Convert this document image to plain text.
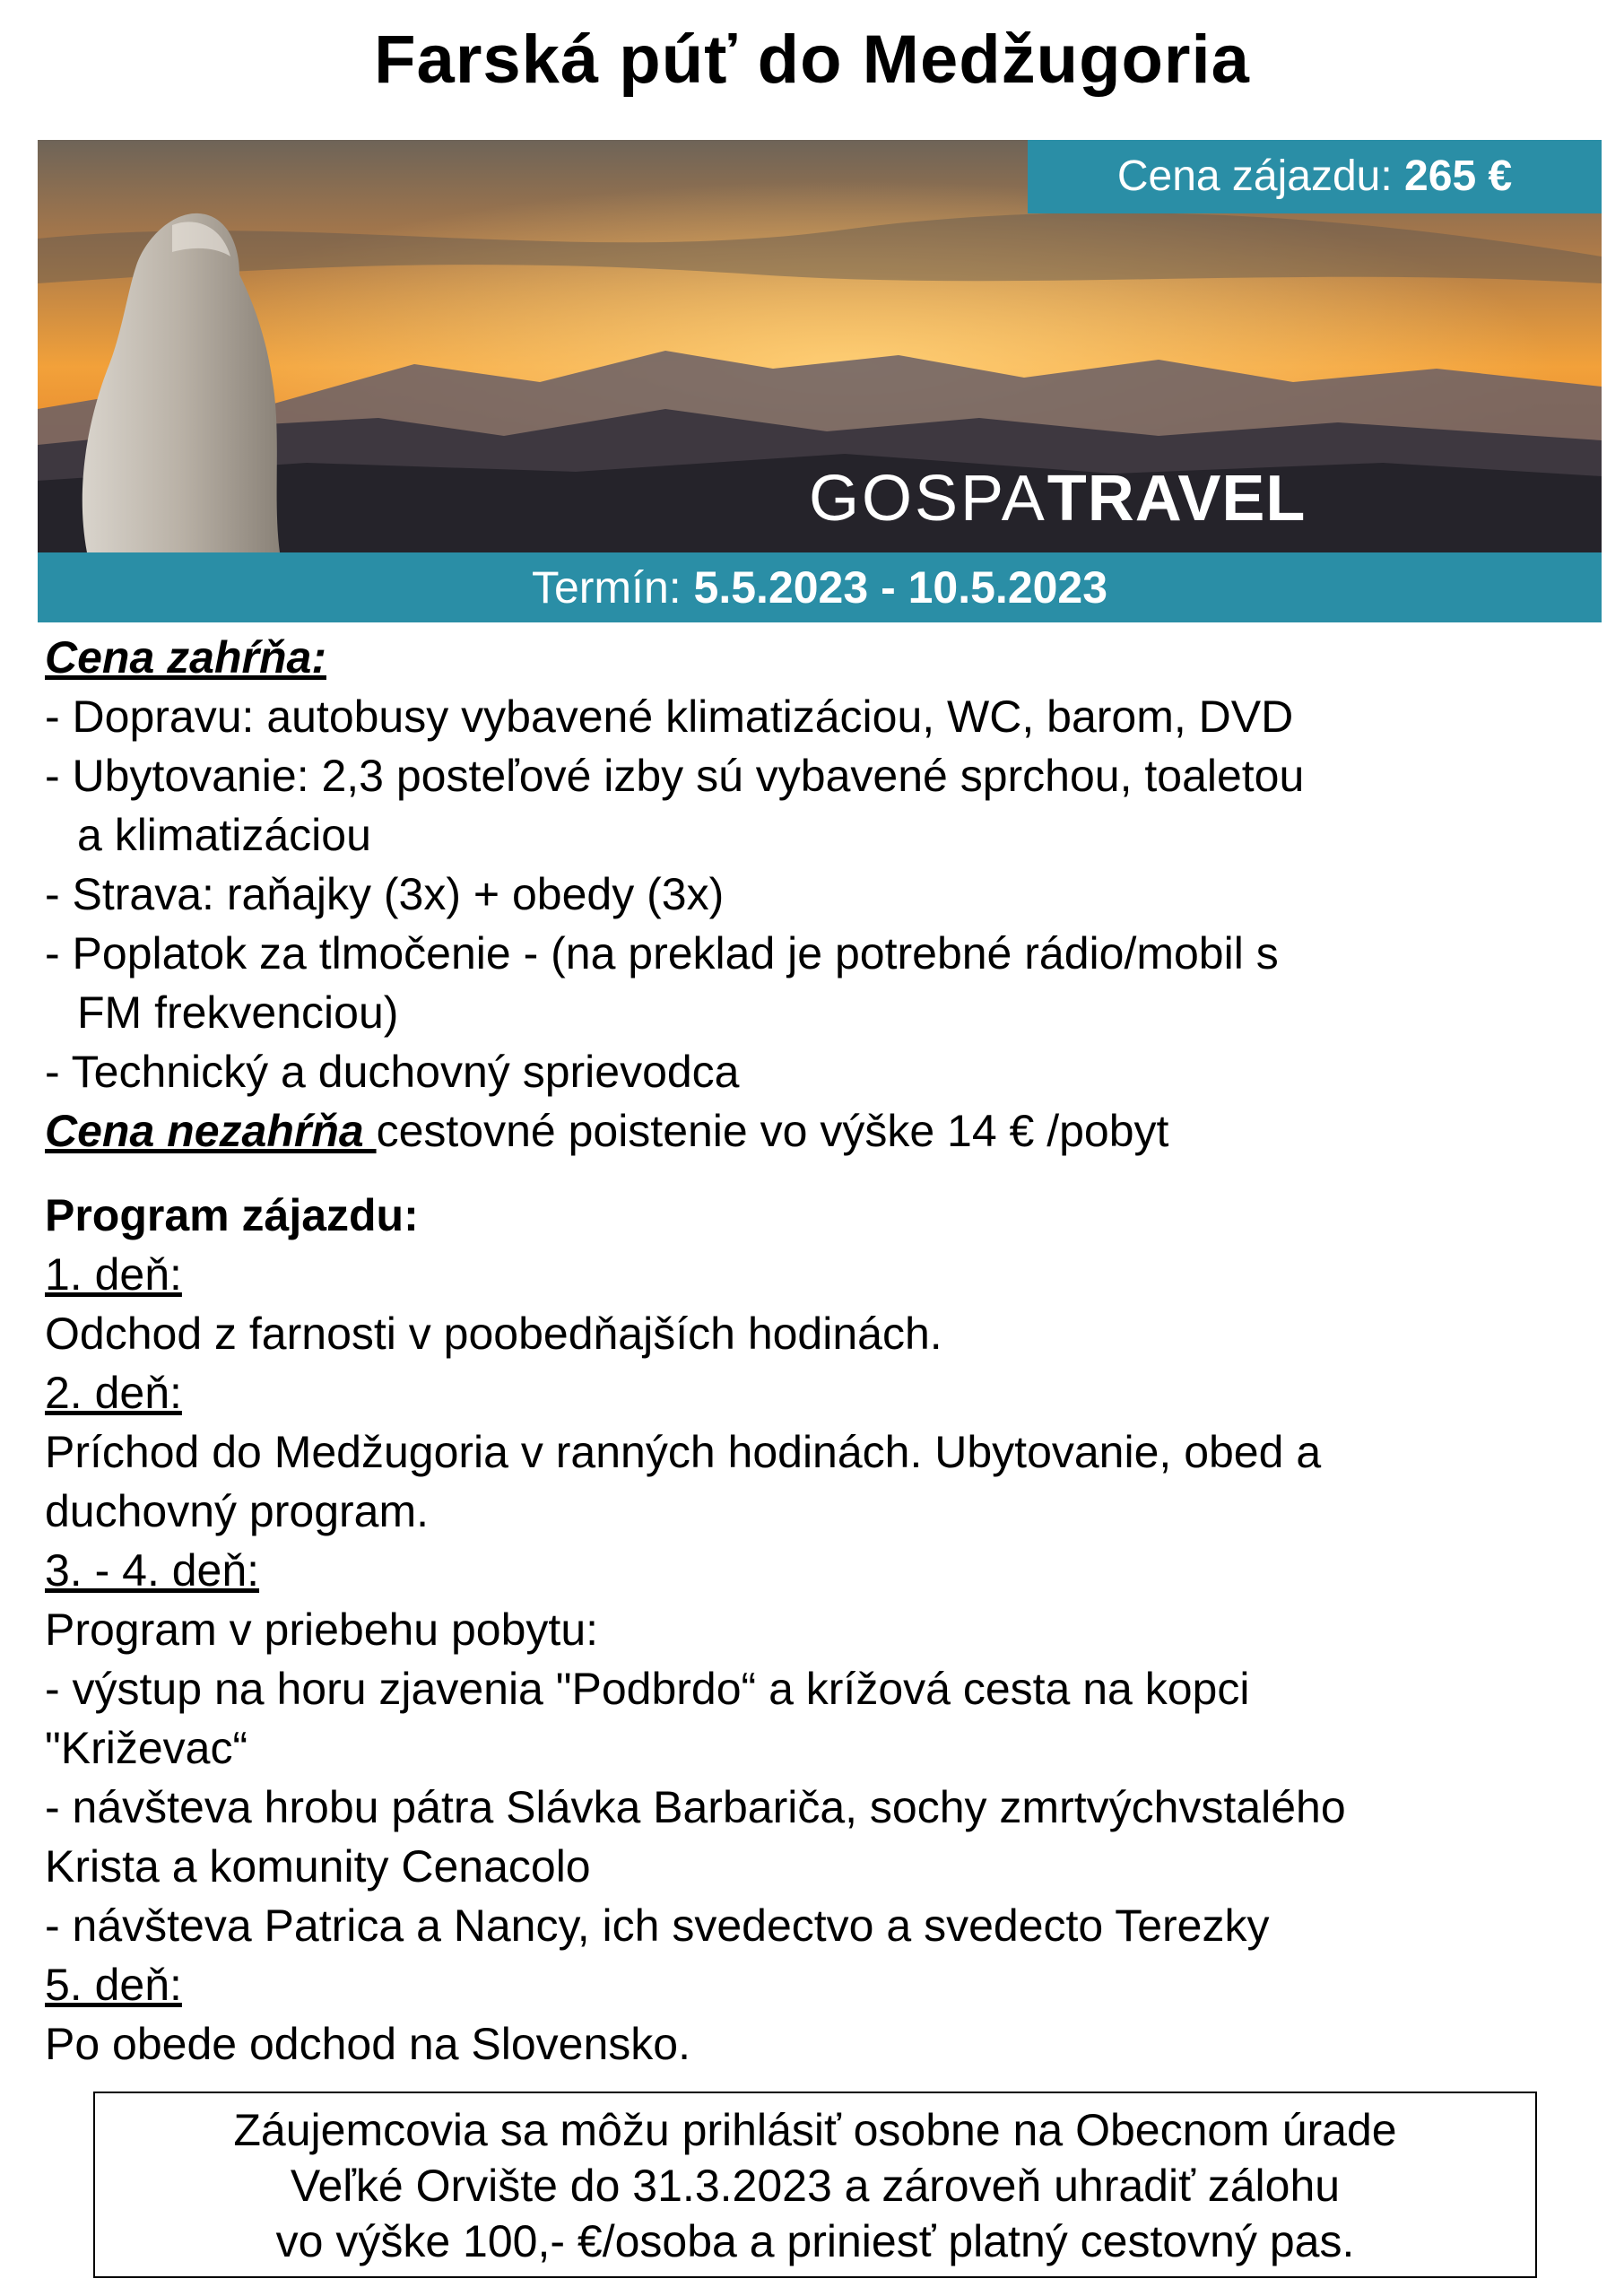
Farská púť do Medžugoria
Cena zájazdu: 265 €
GOSPATRAVEL
Termín: 5.5.2023 - 10.5.2023

Cena zahŕňa:

- Dopravu: autobusy vybavené klimatizáciou, WC, barom, DVD

- Ubytovanie: 2,3 posteľové izby sú vybavené sprchou, toaletou

a klimatizáciou

- Strava: raňajky (3x) + obedy (3x)

- Poplatok za tlmočenie - (na preklad je potrebné rádio/mobil s

FM frekvenciou)

- Technický a duchovný sprievodca

Cena nezahŕňa cestovné poistenie vo výške 14 € /pobyt

Program zájazdu:

1. deň:

Odchod z farnosti v poobedňajších hodinách.

2. deň:

Príchod do Medžugoria v ranných hodinách. Ubytovanie, obed a

duchovný program.

3. - 4. deň:

Program v priebehu pobytu:

- výstup na horu zjavenia "Podbrdo“ a krížová cesta na kopci

"Križevac“

- návšteva hrobu pátra Slávka Barbariča, sochy zmrtvýchvstalého

Krista a komunity Cenacolo

- návšteva Patrica a Nancy, ich svedectvo a svedecto Terezky

5. deň:

Po obede odchod na Slovensko.

Záujemcovia sa môžu prihlásiť osobne na Obecnom úrade

Veľké Orvište do 31.3.2023 a zároveň uhradiť zálohu

vo výške 100,- €/osoba a priniesť platný cestovný pas.
